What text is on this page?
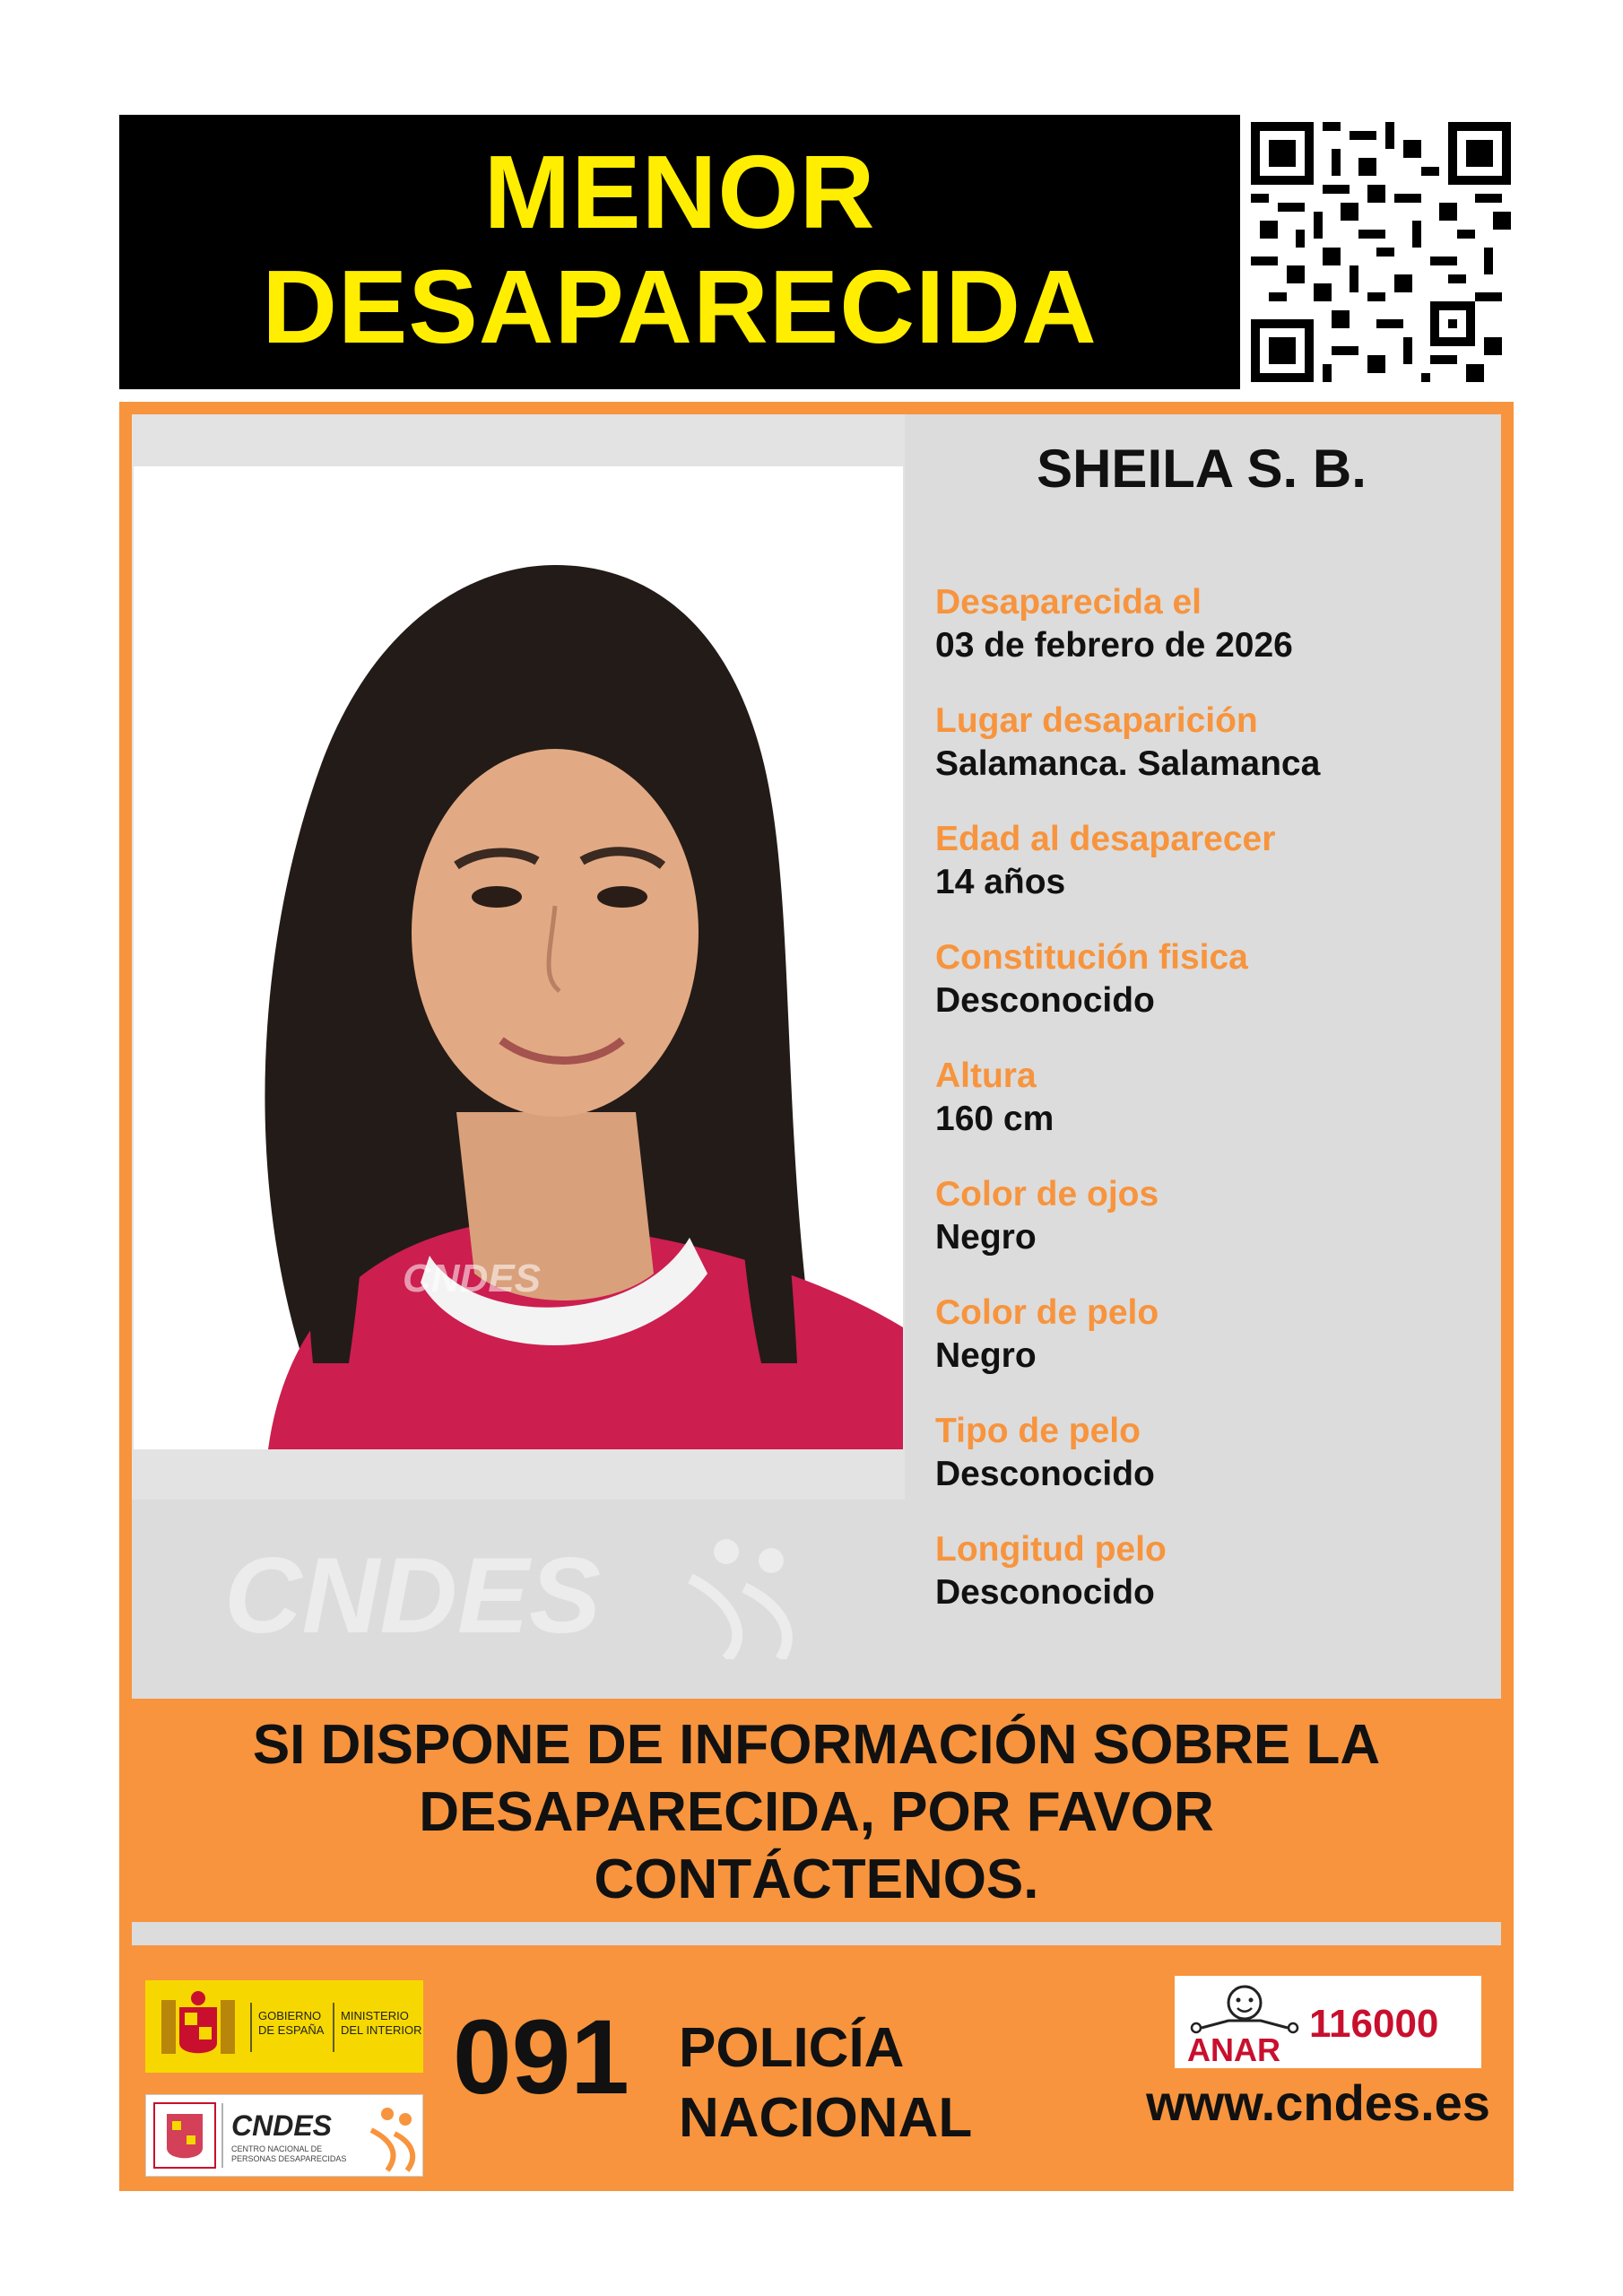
MENOR
DESAPARECIDA
CNDES
SHEILA S. B.
Desaparecida el
03 de febrero de 2026
Lugar desaparición
Salamanca. Salamanca
Edad al desaparecer
14 años
Constitución fisica
Desconocido
Altura
160 cm
Color de ojos
Negro
Color de pelo
Negro
Tipo de pelo
Desconocido
Longitud pelo
Desconocido
CNDES
SI DISPONE DE INFORMACIÓN SOBRE LA
DESAPARECIDA, POR FAVOR
CONTÁCTENOS.
GOBIERNO DE ESPAÑA
MINISTERIO DEL INTERIOR
CNDES
CENTRO NACIONAL DE PERSONAS DESAPARECIDAS
091 POLICÍA
NACIONAL
ANAR
116000
www.cndes.es
